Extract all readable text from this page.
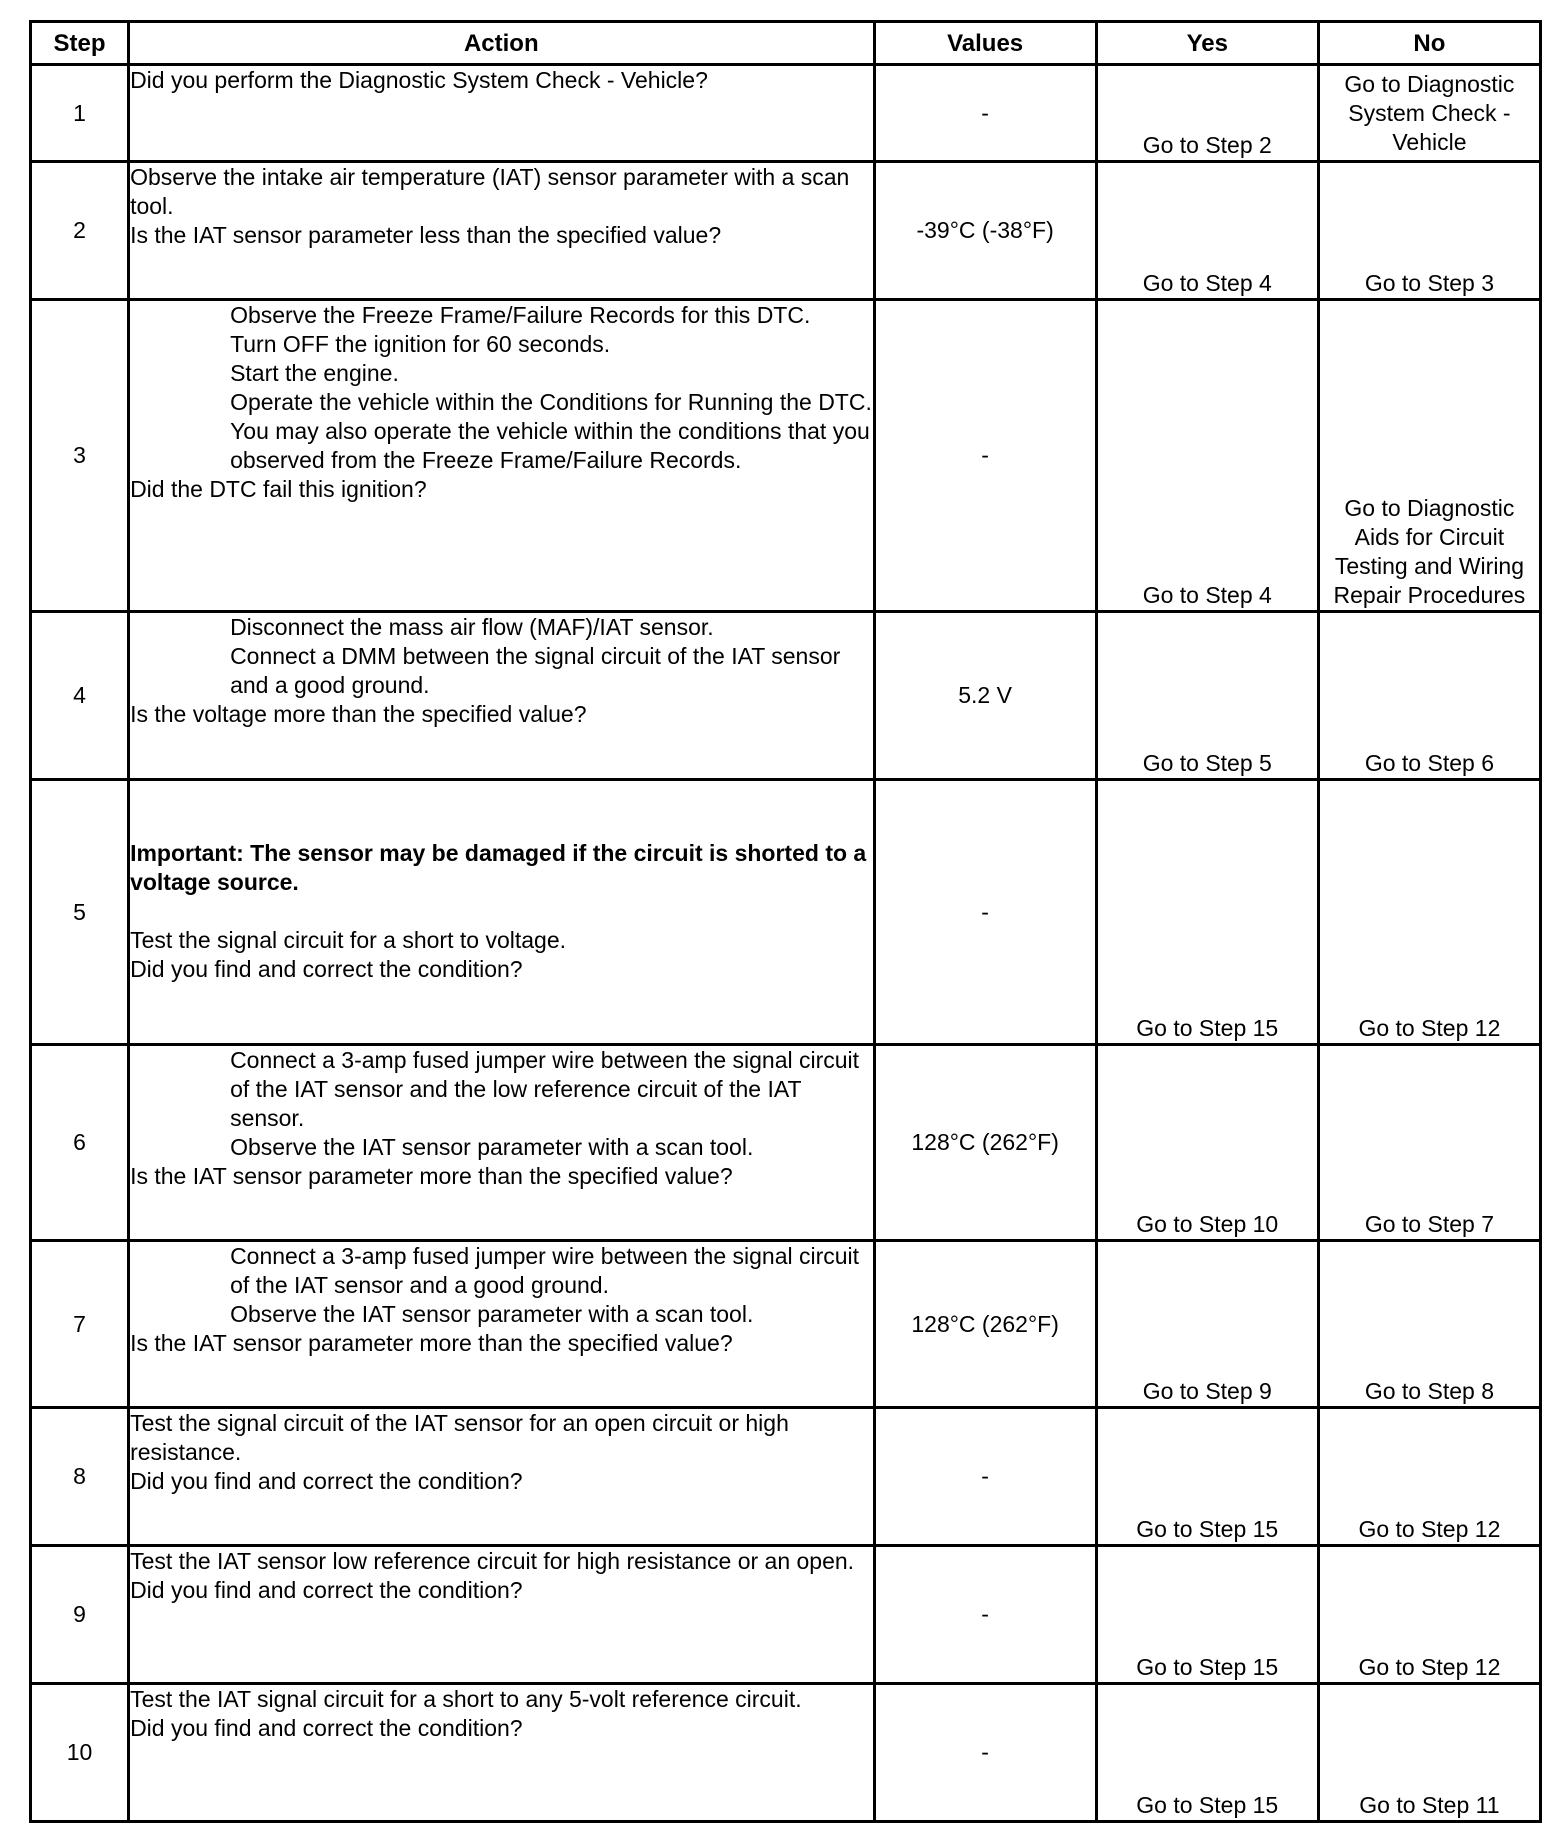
Step	Action	Values	Yes	No
1	Did you perform the Diagnostic System Check - Vehicle?	-	Go to Step 2	Go to Diagnostic System Check - Vehicle
2	Observe the intake air temperature (IAT) sensor parameter with a scan tool.

Is the IAT sensor parameter less than the specified value?	-39°C (-38°F)	Go to Step 4	Go to Step 3
3	Observe the Freeze Frame/Failure Records for this DTC.

Turn OFF the ignition for 60 seconds.

Start the engine.

Operate the vehicle within the Conditions for Running the DTC. You may also operate the vehicle within the conditions that you observed from the Freeze Frame/Failure Records.

Did the DTC fail this ignition?	-	Go to Step 4	Go to Diagnostic Aids for Circuit Testing and Wiring Repair Procedures
4	Disconnect the mass air flow (MAF)/IAT sensor.

Connect a DMM between the signal circuit of the IAT sensor and a good ground.

Is the voltage more than the specified value?	5.2 V	Go to Step 5	Go to Step 6
5	Important: The sensor may be damaged if the circuit is shorted to a voltage source.

Test the signal circuit for a short to voltage.

Did you find and correct the condition?	-	Go to Step 15	Go to Step 12
6	Connect a 3-amp fused jumper wire between the signal circuit of the IAT sensor and the low reference circuit of the IAT sensor.

Observe the IAT sensor parameter with a scan tool.

Is the IAT sensor parameter more than the specified value?	128°C (262°F)	Go to Step 10	Go to Step 7
7	Connect a 3-amp fused jumper wire between the signal circuit of the IAT sensor and a good ground.

Observe the IAT sensor parameter with a scan tool.

Is the IAT sensor parameter more than the specified value?	128°C (262°F)	Go to Step 9	Go to Step 8
8	Test the signal circuit of the IAT sensor for an open circuit or high resistance.

Did you find and correct the condition?	-	Go to Step 15	Go to Step 12
9	Test the IAT sensor low reference circuit for high resistance or an open.

Did you find and correct the condition?	-	Go to Step 15	Go to Step 12
10	Test the IAT signal circuit for a short to any 5-volt reference circuit.

Did you find and correct the condition?	-	Go to Step 15	Go to Step 11
